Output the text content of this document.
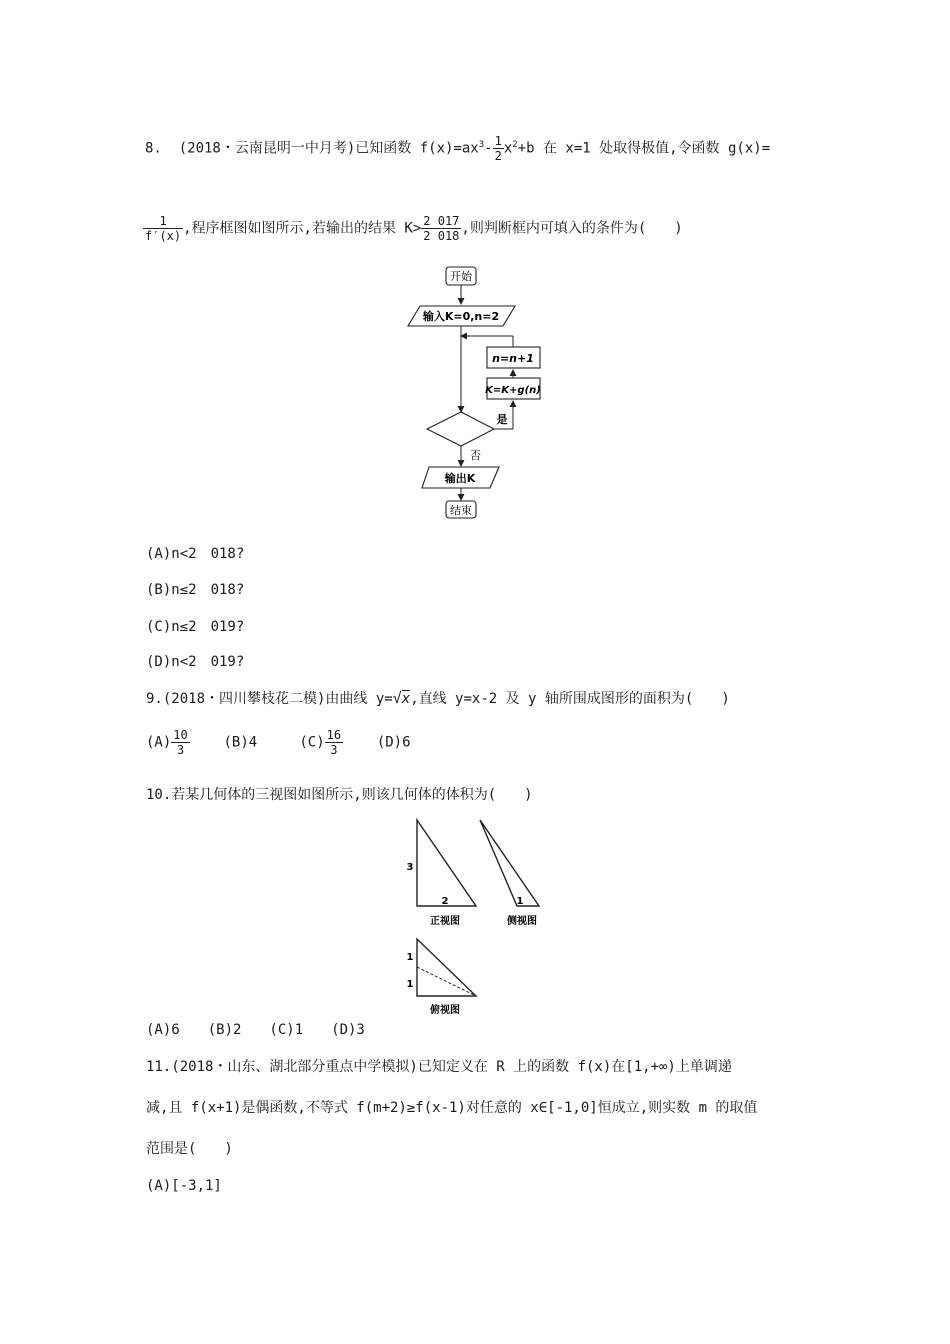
8. (2018・云南昆明一中月考)已知函数 $f(x)=ax^3- \frac{1}{2} x^2+b$ 在 x=1 处取得极值,令函数 g(x)=
$\frac{1}{f'(x)}$ ,程序框图如图所示,若输出的结果 $K> \frac{2 017}{2 018}$ ,则判断框内可填入的条件为(　　)
开始
输入K=0,n=2
n=n+1
K=K+g(n)
是
否
输出K
结束
(A)n<2　018?
(B)n≤2　018?
(C)n≤2　019?
(D)n<2　019?
9.(2018・四川攀枝花二模)由曲线 y=√x,直线 y=x-2 及 y 轴所围成图形的面积为(　　)
$(A) \frac{10}{3} (B)4$	$(C) \frac{16}{3} (D)6$
10.若某几何体的三视图如图所示,则该几何体的体积为(　　)
3
2
正视图
1
侧视图
1
1
俯视图
(A)6　　(B)2　　(C)1　　(D)3
11.(2018・山东、湖北部分重点中学模拟)已知定义在 R 上的函数 f(x)在[1,+∞)上单调递
减,且 f(x+1)是偶函数,不等式 f(m+2)≥f(x-1)对任意的 x∈[-1,0]恒成立,则实数 m 的取值
范围是(　　)
(A)[-3,1]
